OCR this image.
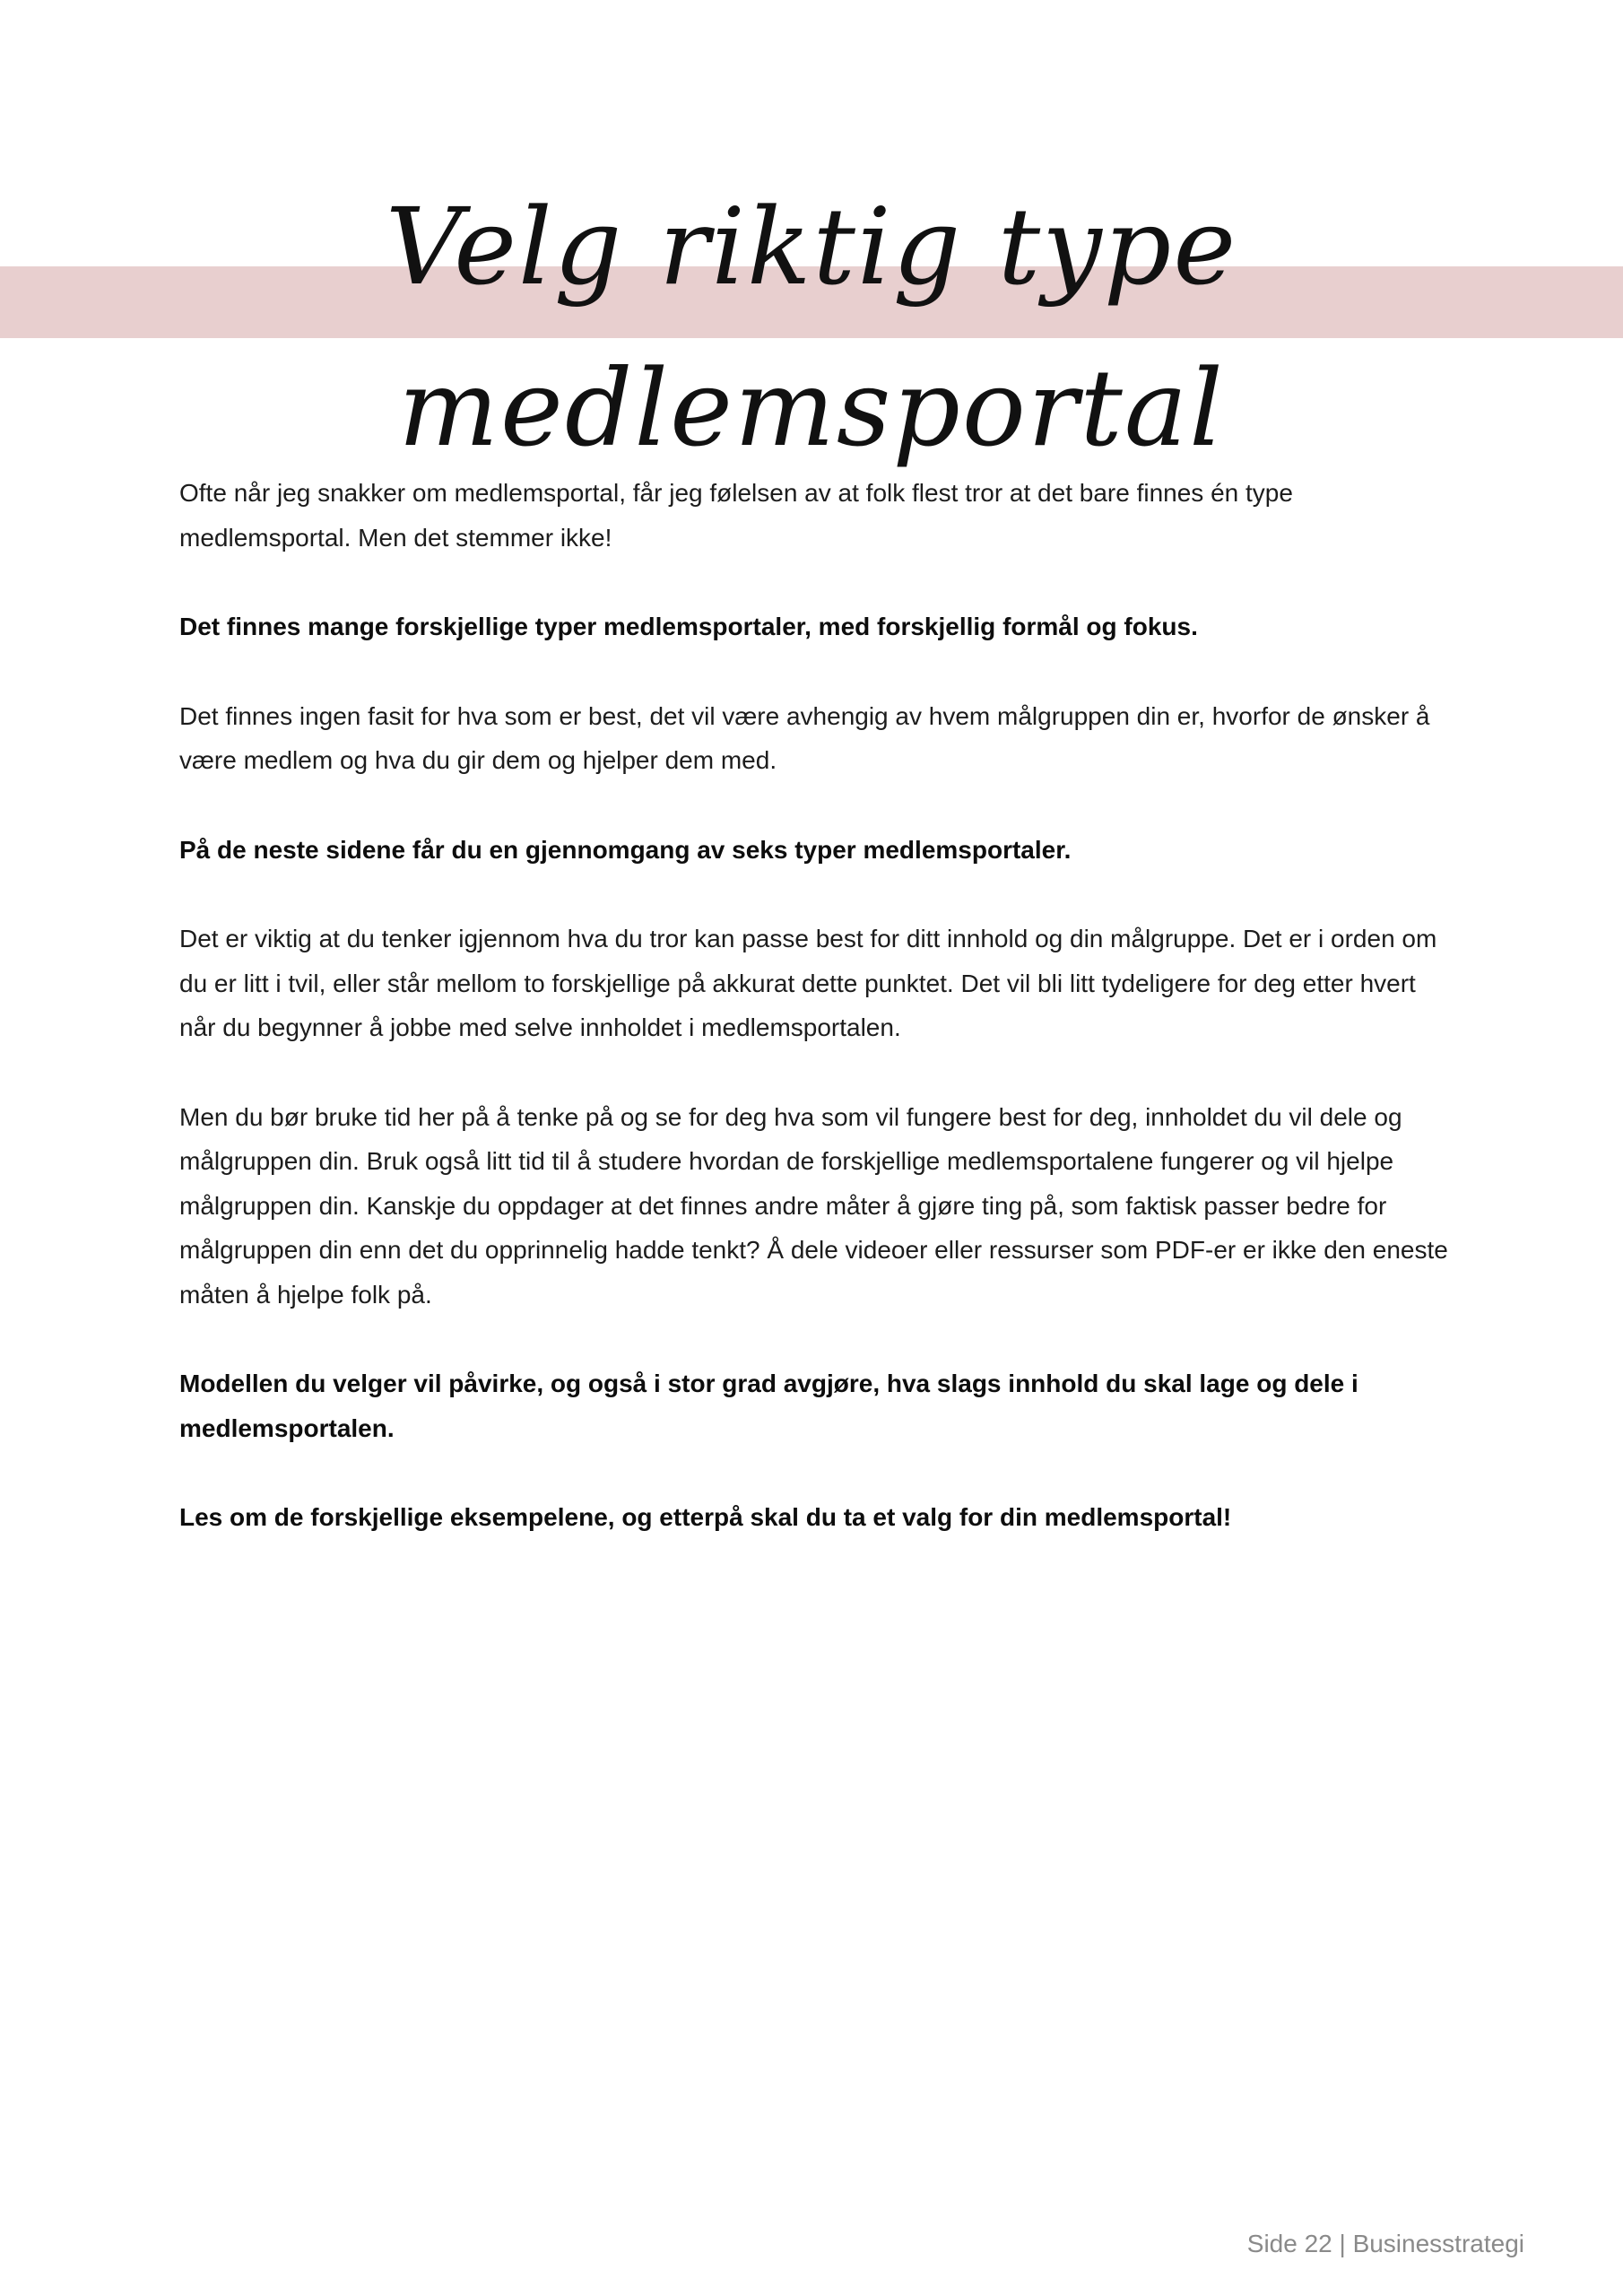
Velg riktig type medlemsportal

Ofte når jeg snakker om medlemsportal, får jeg følelsen av at folk flest tror at det bare finnes én type medlemsportal. Men det stemmer ikke!

Det finnes mange forskjellige typer medlemsportaler, med forskjellig formål og fokus.

Det finnes ingen fasit for hva som er best, det vil være avhengig av hvem målgruppen din er, hvorfor de ønsker å være medlem og hva du gir dem og hjelper dem med.

På de neste sidene får du en gjennomgang av seks typer medlemsportaler.

Det er viktig at du tenker igjennom hva du tror kan passe best for ditt innhold og din målgruppe. Det er i orden om du er litt i tvil, eller står mellom to forskjellige på akkurat dette punktet. Det vil bli litt tydeligere for deg etter hvert når du begynner å jobbe med selve innholdet i medlemsportalen.

Men du bør bruke tid her på å tenke på og se for deg hva som vil fungere best for deg, innholdet du vil dele og målgruppen din. Bruk også litt tid til å studere hvordan de forskjellige medlemsportalene fungerer og vil hjelpe målgruppen din. Kanskje du oppdager at det finnes andre måter å gjøre ting på, som faktisk passer bedre for målgruppen din enn det du opprinnelig hadde tenkt? Å dele videoer eller ressurser som PDF-er er ikke den eneste måten å hjelpe folk på.

Modellen du velger vil påvirke, og også i stor grad avgjøre, hva slags innhold du skal lage og dele i medlemsportalen.

Les om de forskjellige eksempelene, og etterpå skal du ta et valg for din medlemsportal!

Side 22 | Businesstrategi
